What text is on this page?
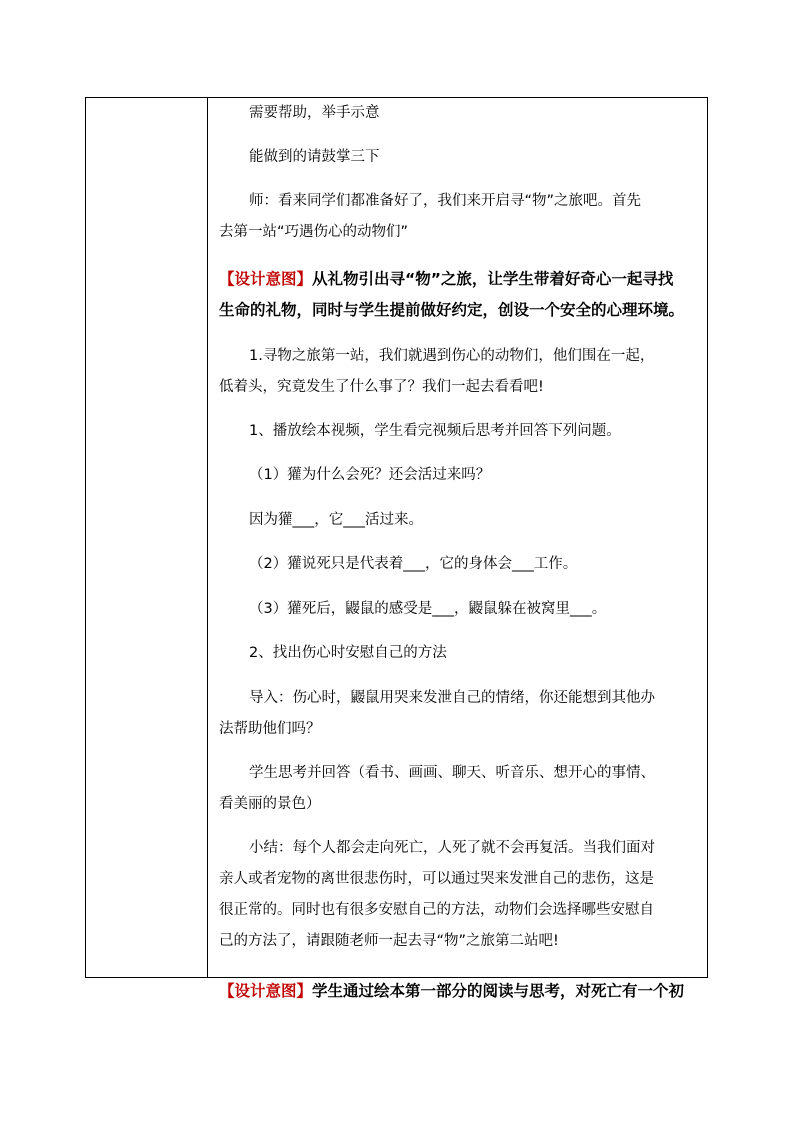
需要帮助，举手示意
能做到的请鼓掌三下
师：看来同学们都准备好了，我们来开启寻“物”之旅吧。首先
去第一站“巧遇伤心的动物们”
【设计意图】从礼物引出寻“物”之旅，让学生带着好奇心一起寻找
生命的礼物，同时与学生提前做好约定，创设一个安全的心理环境。
1.寻物之旅第一站，我们就遇到伤心的动物们，他们围在一起，
低着头，究竟发生了什么事了？我们一起去看看吧!
1、播放绘本视频，学生看完视频后思考并回答下列问题。
（1）獾为什么会死？还会活过来吗？
因为獾___，它___活过来。
（2）獾说死只是代表着___，它的身体会___工作。
（3）獾死后，鼹鼠的感受是___，鼹鼠躲在被窝里___。
2、找出伤心时安慰自己的方法
导入：伤心时，鼹鼠用哭来发泄自己的情绪，你还能想到其他办
法帮助他们吗？
学生思考并回答（看书、画画、聊天、听音乐、想开心的事情、
看美丽的景色）
小结：每个人都会走向死亡，人死了就不会再复活。当我们面对
亲人或者宠物的离世很悲伤时，可以通过哭来发泄自己的悲伤，这是
很正常的。同时也有很多安慰自己的方法，动物们会选择哪些安慰自
己的方法了，请跟随老师一起去寻“物”之旅第二站吧!
【设计意图】学生通过绘本第一部分的阅读与思考，对死亡有一个初
